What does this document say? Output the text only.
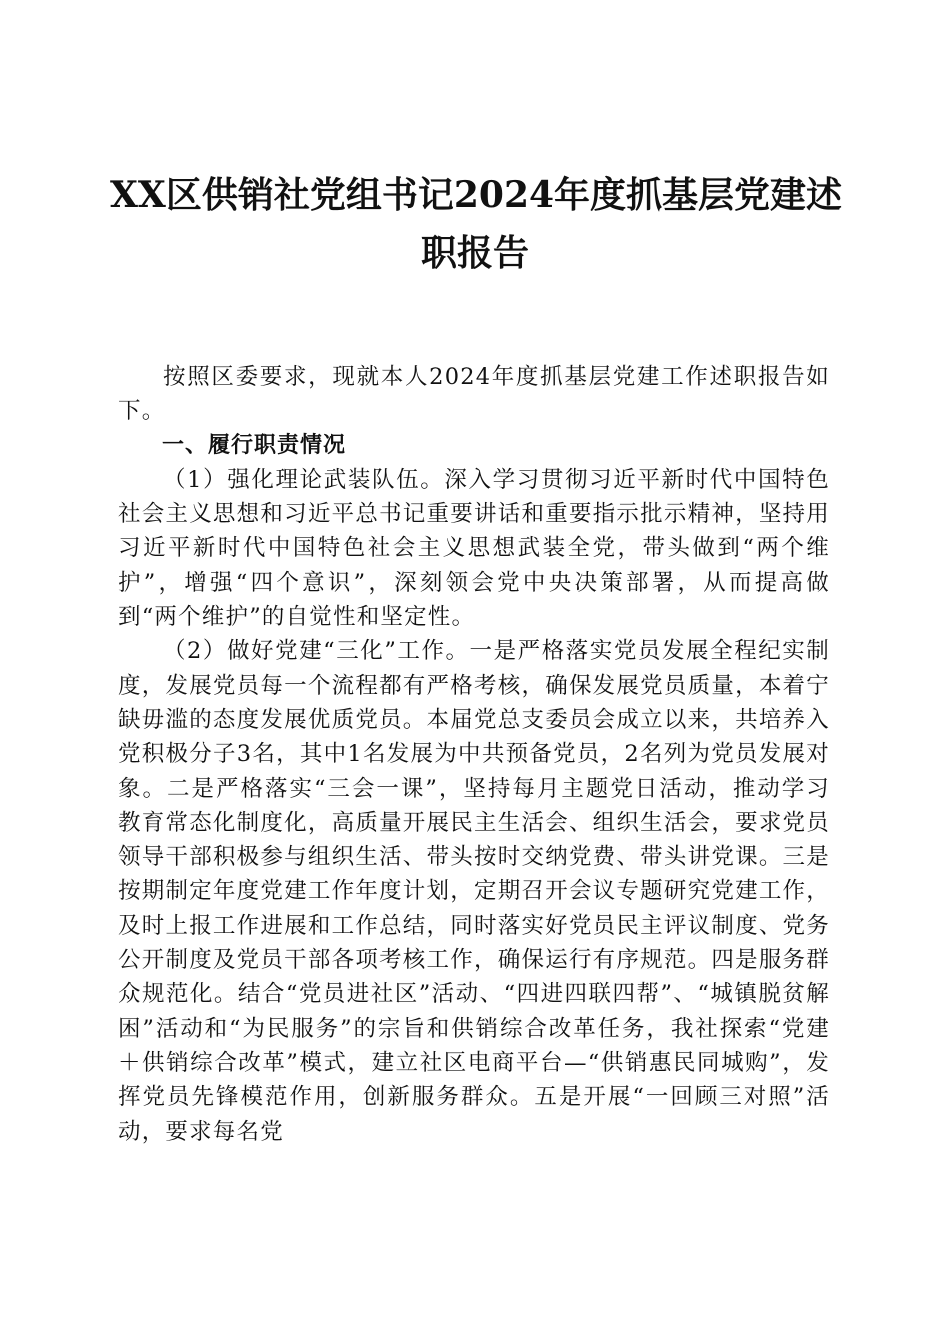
XX区供销社党组书记2024年度抓基层党建述
职报告

按照区委要求，现就本人2024年度抓基层党建工作述职报告如下。

一、履行职责情况

（1）强化理论武装队伍。深入学习贯彻习近平新时代中国特色社会主义思想和习近平总书记重要讲话和重要指示批示精神，坚持用习近平新时代中国特色社会主义思想武装全党，带头做到“两个维护”，增强“四个意识”，深刻领会党中央决策部署，从而提高做到“两个维护”的自觉性和坚定性。

（2）做好党建“三化”工作。一是严格落实党员发展全程纪实制度，发展党员每一个流程都有严格考核，确保发展党员质量，本着宁缺毋滥的态度发展优质党员。本届党总支委员会成立以来，共培养入党积极分子3名，其中1名发展为中共预备党员，2名列为党员发展对象。二是严格落实“三会一课”，坚持每月主题党日活动，推动学习教育常态化制度化，高质量开展民主生活会、组织生活会，要求党员领导干部积极参与组织生活、带头按时交纳党费、带头讲党课。三是按期制定年度党建工作年度计划，定期召开会议专题研究党建工作，及时上报工作进展和工作总结，同时落实好党员民主评议制度、党务公开制度及党员干部各项考核工作，确保运行有序规范。四是服务群众规范化。结合“党员进社区”活动、“四进四联四帮”、“城镇脱贫解困”活动和“为民服务”的宗旨和供销综合改革任务，我社探索“党建＋供销综合改革”模式，建立社区电商平台—“供销惠民同城购”，发挥党员先锋模范作用，创新服务群众。五是开展“一回顾三对照”活动，要求每名党
